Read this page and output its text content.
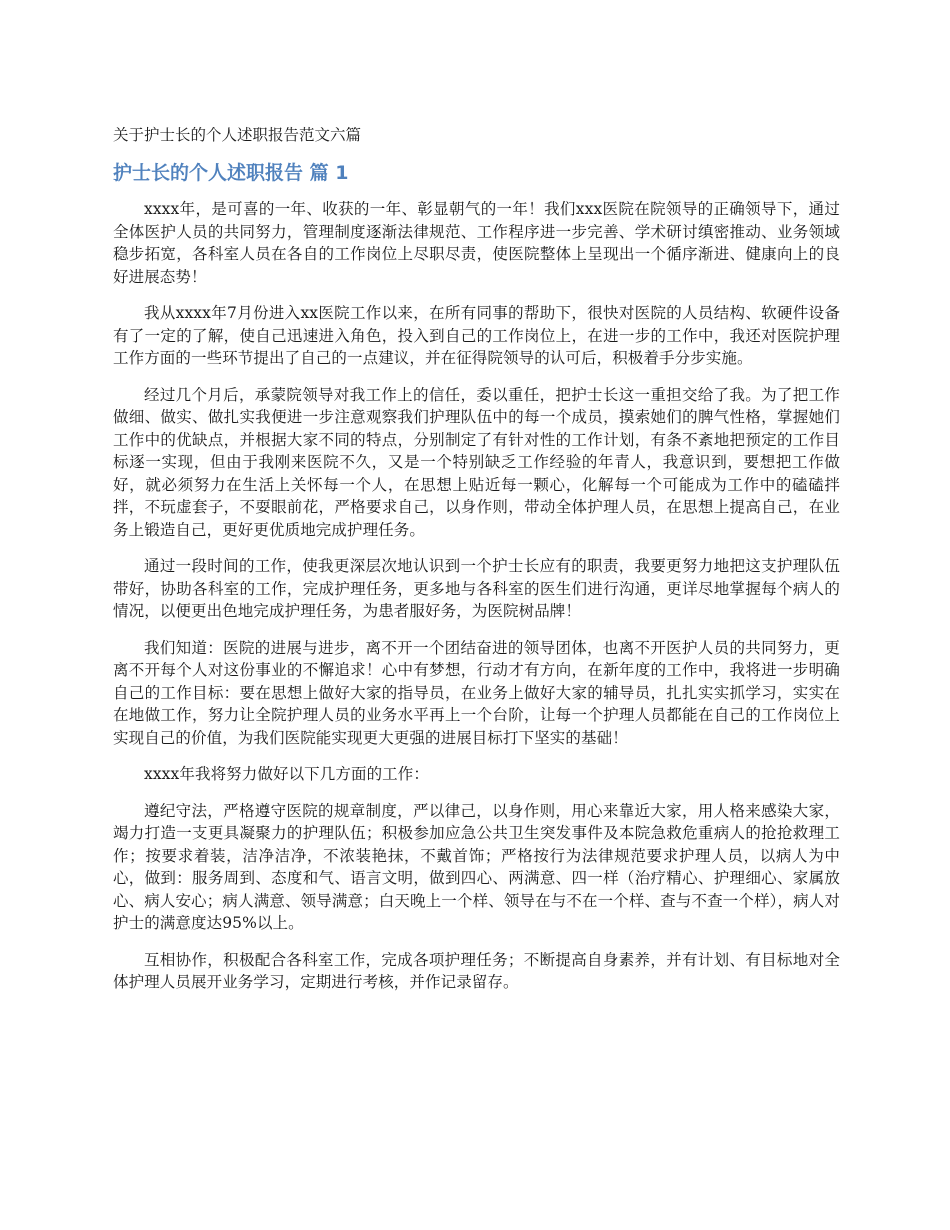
关于护士长的个人述职报告范文六篇
护士长的个人述职报告 篇 1

xxxx年，是可喜的一年、收获的一年、彰显朝气的一年！我们xxx医院在院领导的正确领导下，通过全体医护人员的共同努力，管理制度逐渐法律规范、工作程序进一步完善、学术研讨缜密推动、业务领域稳步拓宽，各科室人员在各自的工作岗位上尽职尽责，使医院整体上呈现出一个循序渐进、健康向上的良好进展态势！

我从xxxx年7月份进入xx医院工作以来，在所有同事的帮助下，很快对医院的人员结构、软硬件设备有了一定的了解，使自己迅速进入角色，投入到自己的工作岗位上，在进一步的工作中，我还对医院护理工作方面的一些环节提出了自己的一点建议，并在征得院领导的认可后，积极着手分步实施。

经过几个月后，承蒙院领导对我工作上的信任，委以重任，把护士长这一重担交给了我。为了把工作做细、做实、做扎实我便进一步注意观察我们护理队伍中的每一个成员，摸索她们的脾气性格，掌握她们工作中的优缺点，并根据大家不同的特点，分别制定了有针对性的工作计划，有条不紊地把预定的工作目标逐一实现，但由于我刚来医院不久，又是一个特别缺乏工作经验的年青人，我意识到，要想把工作做好，就必须努力在生活上关怀每一个人，在思想上贴近每一颗心，化解每一个可能成为工作中的磕磕拌拌，不玩虚套子，不耍眼前花，严格要求自己，以身作则，带动全体护理人员，在思想上提高自己，在业务上锻造自己，更好更优质地完成护理任务。

通过一段时间的工作，使我更深层次地认识到一个护士长应有的职责，我要更努力地把这支护理队伍带好，协助各科室的工作，完成护理任务，更多地与各科室的医生们进行沟通，更详尽地掌握每个病人的情况，以便更出色地完成护理任务，为患者服好务，为医院树品牌！

我们知道：医院的进展与进步，离不开一个团结奋进的领导团体，也离不开医护人员的共同努力，更离不开每个人对这份事业的不懈追求！心中有梦想，行动才有方向，在新年度的工作中，我将进一步明确自己的工作目标：要在思想上做好大家的指导员，在业务上做好大家的辅导员，扎扎实实抓学习，实实在在地做工作，努力让全院护理人员的业务水平再上一个台阶，让每一个护理人员都能在自己的工作岗位上实现自己的价值，为我们医院能实现更大更强的进展目标打下坚实的基础！

xxxx年我将努力做好以下几方面的工作：

遵纪守法，严格遵守医院的规章制度，严以律己，以身作则，用心来靠近大家，用人格来感染大家，竭力打造一支更具凝聚力的护理队伍；积极参加应急公共卫生突发事件及本院急救危重病人的抢抢救理工作；按要求着装，洁净洁净，不浓装艳抹，不戴首饰；严格按行为法律规范要求护理人员，以病人为中心，做到：服务周到、态度和气、语言文明，做到四心、两满意、四一样（治疗精心、护理细心、家属放心、病人安心；病人满意、领导满意；白天晚上一个样、领导在与不在一个样、查与不查一个样），病人对护士的满意度达95%以上。

互相协作，积极配合各科室工作，完成各项护理任务；不断提高自身素养，并有计划、有目标地对全体护理人员展开业务学习，定期进行考核，并作记录留存。
